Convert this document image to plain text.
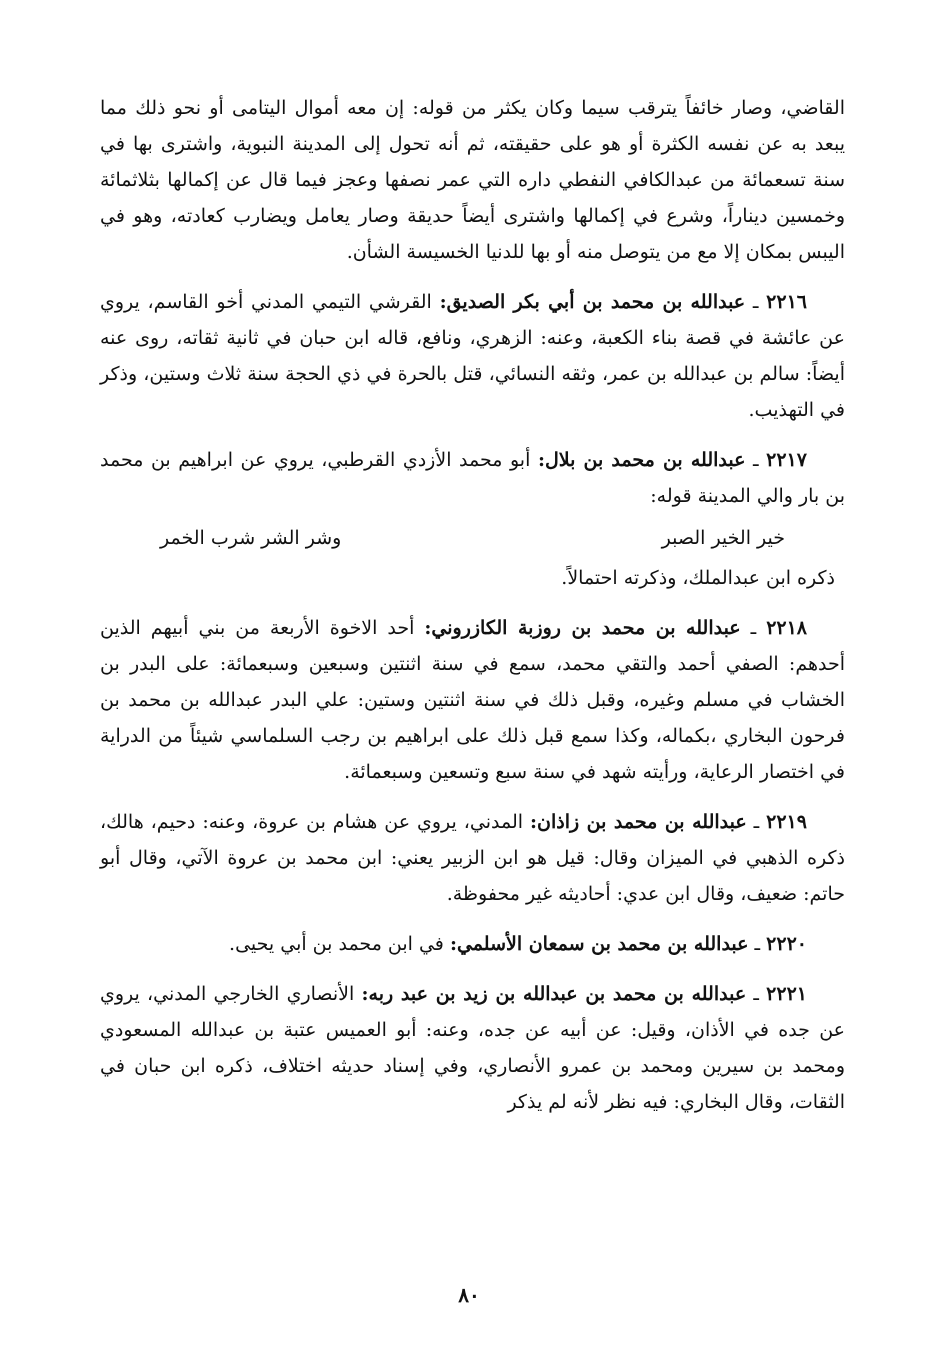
القاضي، وصار خائفاً يترقب سيما وكان يكثر من قوله: إن معه أموال اليتامى أو نحو ذلك مما يبعد به عن نفسه الكثرة أو هو على حقيقته، ثم أنه تحول إلى المدينة النبوية، واشترى بها في سنة تسعمائة من عبدالكافي النفطي داره التي عمر نصفها وعجز فيما قال عن إكمالها بثلاثمائة وخمسين ديناراً، وشرع في إكمالها واشترى أيضاً حديقة وصار يعامل ويضارب كعادته، وهو في اليبس بمكان إلا مع من يتوصل منه أو بها للدنيا الخسيسة الشأن.

٢٢١٦ ـ عبدالله بن محمد بن أبي بكر الصديق: القرشي التيمي المدني أخو القاسم، يروي عن عائشة في قصة بناء الكعبة، وعنه: الزهري، ونافع، قاله ابن حبان في ثانية ثقاته، روى عنه أيضاً: سالم بن عبدالله بن عمر، وثقه النسائي، قتل بالحرة في ذي الحجة سنة ثلاث وستين، وذكر في التهذيب.

٢٢١٧ ـ عبدالله بن محمد بن بلال: أبو محمد الأزدي القرطبي، يروي عن ابراهيم بن محمد بن بار والي المدينة قوله:

خير الخير الصبر
وشر الشر شرب الخمر

ذكره ابن عبدالملك، وذكرته احتمالاً.

٢٢١٨ ـ عبدالله بن محمد بن روزبة الكازروني: أحد الاخوة الأربعة من بني أبيهم الذين أحدهم: الصفي أحمد والتقي محمد، سمع في سنة اثنتين وسبعين وسبعمائة: على البدر بن الخشاب في مسلم وغيره، وقبل ذلك في سنة اثنتين وستين: علي البدر عبدالله بن محمد بن فرحون البخاري ،بكماله، وكذا سمع قبل ذلك على ابراهيم بن رجب السلماسي شيئاً من الدراية في اختصار الرعاية، ورأيته شهد في سنة سبع وتسعين وسبعمائة.

٢٢١٩ ـ عبدالله بن محمد بن زاذان: المدني، يروي عن هشام بن عروة، وعنه: دحيم، هالك، ذكره الذهبي في الميزان وقال: قيل هو ابن الزبير يعني: ابن محمد بن عروة الآتي، وقال أبو حاتم: ضعيف، وقال ابن عدي: أحاديثه غير محفوظة.

٢٢٢٠ ـ عبدالله بن محمد بن سمعان الأسلمي: في ابن محمد بن أبي يحيى.

٢٢٢١ ـ عبدالله بن محمد بن عبدالله بن زيد بن عبد ربه: الأنصاري الخارجي المدني، يروي عن جده في الأذان، وقيل: عن أبيه عن جده، وعنه: أبو العميس عتبة بن عبدالله المسعودي ومحمد بن سيرين ومحمد بن عمرو الأنصاري، وفي إسناد حديثه اختلاف، ذكره ابن حبان في الثقات، وقال البخاري: فيه نظر لأنه لم يذكر

٨٠
